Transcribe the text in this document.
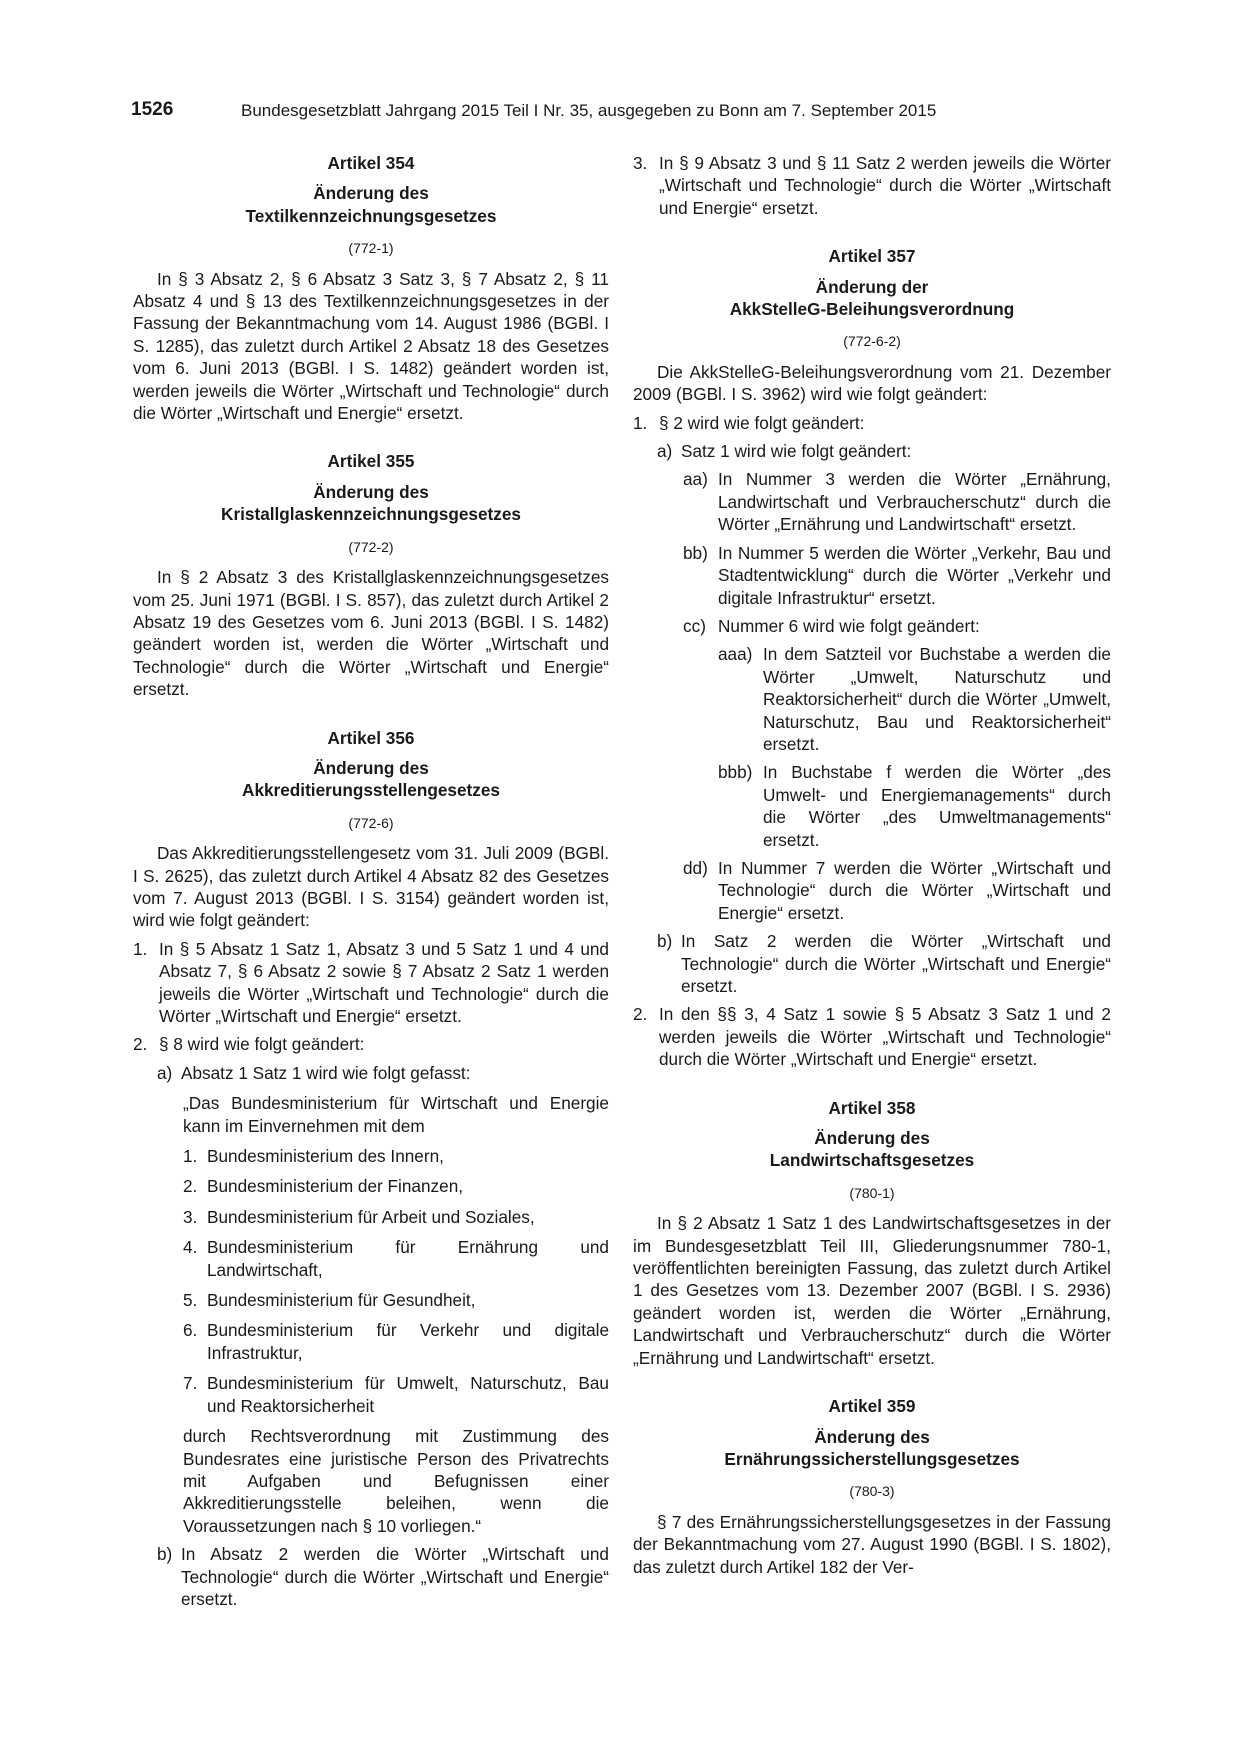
1526	Bundesgesetzblatt Jahrgang 2015 Teil I Nr. 35, ausgegeben zu Bonn am 7. September 2015
Artikel 354
Änderung des
Textilkennzeichnungsgesetzes
(772-1)

In § 3 Absatz 2, § 6 Absatz 3 Satz 3, § 7 Absatz 2, § 11 Absatz 4 und § 13 des Textilkennzeichnungsgesetzes in der Fassung der Bekanntmachung vom 14. August 1986 (BGBl. I S. 1285), das zuletzt durch Artikel 2 Absatz 18 des Gesetzes vom 6. Juni 2013 (BGBl. I S. 1482) geändert worden ist, werden jeweils die Wörter „Wirtschaft und Technologie“ durch die Wörter „Wirtschaft und Energie“ ersetzt.

Artikel 355
Änderung des
Kristallglaskennzeichnungsgesetzes
(772-2)

In § 2 Absatz 3 des Kristallglaskennzeichnungsgesetzes vom 25. Juni 1971 (BGBl. I S. 857), das zuletzt durch Artikel 2 Absatz 19 des Gesetzes vom 6. Juni 2013 (BGBl. I S. 1482) geändert worden ist, werden die Wörter „Wirtschaft und Technologie“ durch die Wörter „Wirtschaft und Energie“ ersetzt.

Artikel 356
Änderung des
Akkreditierungsstellengesetzes
(772-6)

Das Akkreditierungsstellengesetz vom 31. Juli 2009 (BGBl. I S. 2625), das zuletzt durch Artikel 4 Absatz 82 des Gesetzes vom 7. August 2013 (BGBl. I S. 3154) geändert worden ist, wird wie folgt geändert:

1. In § 5 Absatz 1 Satz 1, Absatz 3 und 5 Satz 1 und 4 und Absatz 7, § 6 Absatz 2 sowie § 7 Absatz 2 Satz 1 werden jeweils die Wörter „Wirtschaft und Technologie“ durch die Wörter „Wirtschaft und Energie“ ersetzt.
2. § 8 wird wie folgt geändert:
a) Absatz 1 Satz 1 wird wie folgt gefasst:
„Das Bundesministerium für Wirtschaft und Energie kann im Einvernehmen mit dem
1. Bundesministerium des Innern,
2. Bundesministerium der Finanzen,
3. Bundesministerium für Arbeit und Soziales,
4. Bundesministerium für Ernährung und Landwirtschaft,
5. Bundesministerium für Gesundheit,
6. Bundesministerium für Verkehr und digitale Infrastruktur,
7. Bundesministerium für Umwelt, Naturschutz, Bau und Reaktorsicherheit
durch Rechtsverordnung mit Zustimmung des Bundesrates eine juristische Person des Privatrechts mit Aufgaben und Befugnissen einer Akkreditierungsstelle beleihen, wenn die Voraussetzungen nach § 10 vorliegen.“
b) In Absatz 2 werden die Wörter „Wirtschaft und Technologie“ durch die Wörter „Wirtschaft und Energie“ ersetzt.
3. In § 9 Absatz 3 und § 11 Satz 2 werden jeweils die Wörter „Wirtschaft und Technologie“ durch die Wörter „Wirtschaft und Energie“ ersetzt.
Artikel 357
Änderung der
AkkStelleG-Beleihungsverordnung
(772-6-2)

Die AkkStelleG-Beleihungsverordnung vom 21. Dezember 2009 (BGBl. I S. 3962) wird wie folgt geändert:

1. § 2 wird wie folgt geändert:
a) Satz 1 wird wie folgt geändert:
aa) In Nummer 3 werden die Wörter „Ernährung, Landwirtschaft und Verbraucherschutz“ durch die Wörter „Ernährung und Landwirtschaft“ ersetzt.
bb) In Nummer 5 werden die Wörter „Verkehr, Bau und Stadtentwicklung“ durch die Wörter „Verkehr und digitale Infrastruktur“ ersetzt.
cc) Nummer 6 wird wie folgt geändert:
aaa) In dem Satzteil vor Buchstabe a werden die Wörter „Umwelt, Naturschutz und Reaktorsicherheit“ durch die Wörter „Umwelt, Naturschutz, Bau und Reaktorsicherheit“ ersetzt.
bbb) In Buchstabe f werden die Wörter „des Umwelt- und Energiemanagements“ durch die Wörter „des Umweltmanagements“ ersetzt.
dd) In Nummer 7 werden die Wörter „Wirtschaft und Technologie“ durch die Wörter „Wirtschaft und Energie“ ersetzt.
b) In Satz 2 werden die Wörter „Wirtschaft und Technologie“ durch die Wörter „Wirtschaft und Energie“ ersetzt.
2. In den §§ 3, 4 Satz 1 sowie § 5 Absatz 3 Satz 1 und 2 werden jeweils die Wörter „Wirtschaft und Technologie“ durch die Wörter „Wirtschaft und Energie“ ersetzt.
Artikel 358
Änderung des
Landwirtschaftsgesetzes
(780-1)

In § 2 Absatz 1 Satz 1 des Landwirtschaftsgesetzes in der im Bundesgesetzblatt Teil III, Gliederungsnummer 780-1, veröffentlichten bereinigten Fassung, das zuletzt durch Artikel 1 des Gesetzes vom 13. Dezember 2007 (BGBl. I S. 2936) geändert worden ist, werden die Wörter „Ernährung, Landwirtschaft und Verbraucherschutz“ durch die Wörter „Ernährung und Landwirtschaft“ ersetzt.

Artikel 359
Änderung des
Ernährungssicherstellungsgesetzes
(780-3)

§ 7 des Ernährungssicherstellungsgesetzes in der Fassung der Bekanntmachung vom 27. August 1990 (BGBl. I S. 1802), das zuletzt durch Artikel 182 der Ver-
